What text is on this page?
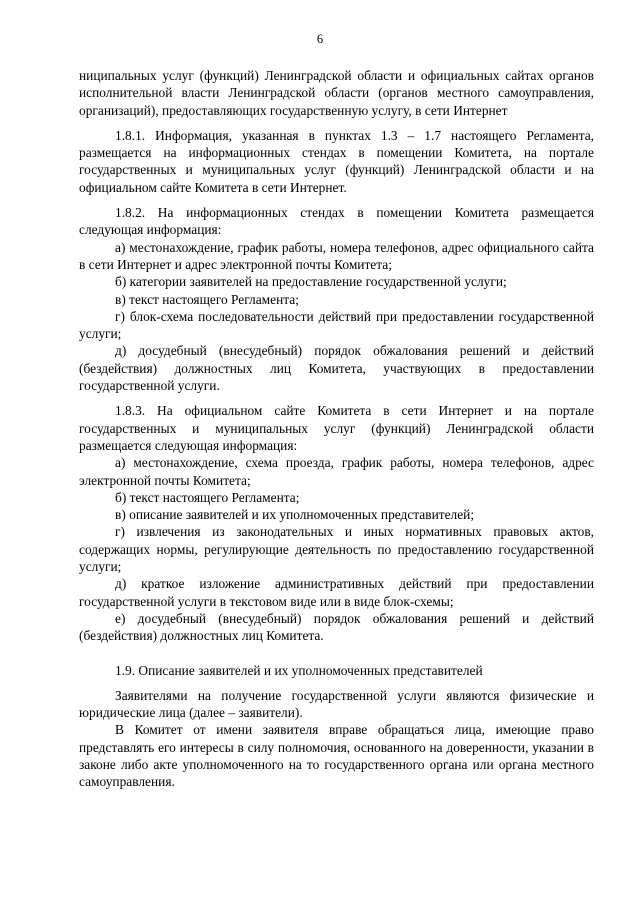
6

ниципальных услуг (функций) Ленинградской области и официальных сайтах органов исполнительной власти Ленинградской области (органов местного самоуправления, организаций), предоставляющих государственную услугу, в сети Интернет

1.8.1. Информация, указанная в пунктах 1.3 – 1.7 настоящего Регламента, размещается на информационных стендах в помещении Комитета, на портале государственных и муниципальных услуг (функций) Ленинградской области и на официальном сайте Комитета в сети Интернет.

1.8.2. На информационных стендах в помещении Комитета размещается следующая информация:

а) местонахождение, график работы, номера телефонов, адрес официального сайта в сети Интернет и адрес электронной почты Комитета;

б) категории заявителей на предоставление государственной услуги;

в) текст настоящего Регламента;

г) блок-схема последовательности действий при предоставлении государственной услуги;

д) досудебный (внесудебный) порядок обжалования решений и действий (бездействия) должностных лиц Комитета, участвующих в предоставлении государственной услуги.

1.8.3. На официальном сайте Комитета в сети Интернет и на портале государственных и муниципальных услуг (функций) Ленинградской области размещается следующая информация:

а) местонахождение, схема проезда, график работы, номера телефонов, адрес электронной почты Комитета;

б) текст настоящего Регламента;

в) описание заявителей и их уполномоченных представителей;

г) извлечения из законодательных и иных нормативных правовых актов, содержащих нормы, регулирующие деятельность по предоставлению государственной услуги;

д) краткое изложение административных действий при предоставлении государственной услуги в текстовом виде или в виде блок-схемы;

е) досудебный (внесудебный) порядок обжалования решений и действий (бездействия) должностных лиц Комитета.

1.9. Описание заявителей и их уполномоченных представителей

Заявителями на получение государственной услуги являются физические и юридические лица (далее – заявители).

В Комитет от имени заявителя вправе обращаться лица, имеющие право представлять его интересы в силу полномочия, основанного на доверенности, указании в законе либо акте уполномоченного на то государственного органа или органа местного самоуправления.
